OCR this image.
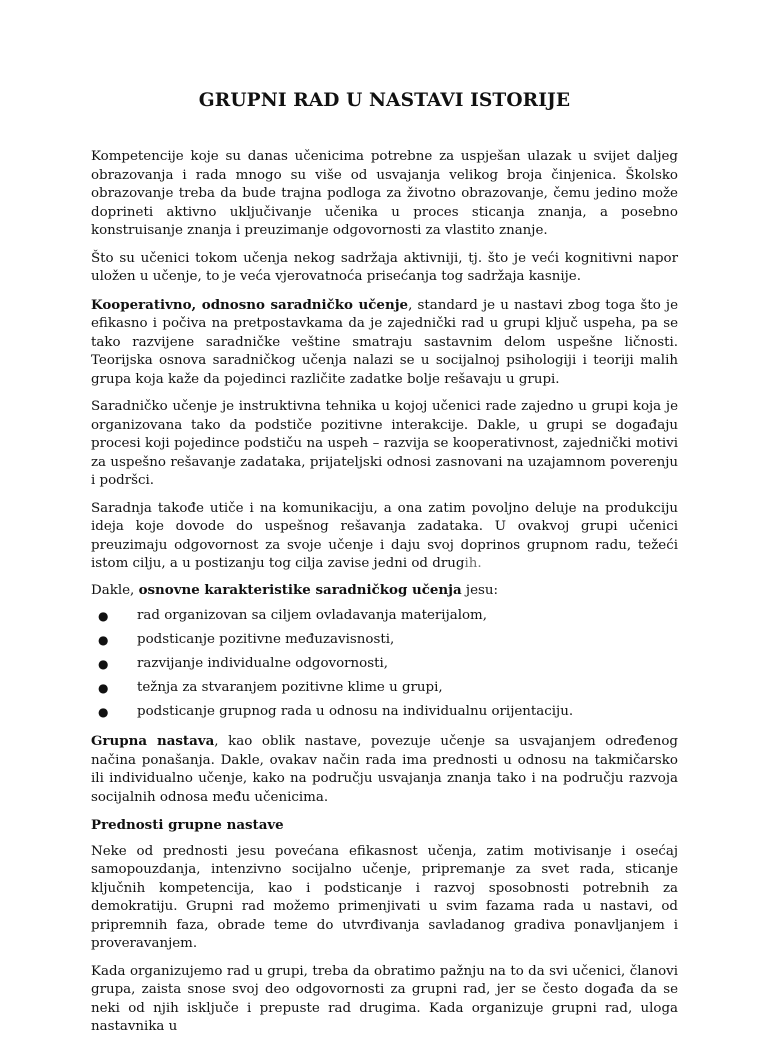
GRUPNI RAD U NASTAVI ISTORIJE

Kompetencije koje su danas učenicima potrebne za uspješan ulazak u svijet daljeg obrazovanja i rada mnogo su više od usvajanja velikog broja činjenica. Školsko obrazovanje treba da bude trajna podloga za životno obrazovanje, čemu jedino može doprineti aktivno uključivanje učenika u proces sticanja znanja, a posebno konstruisanje znanja i preuzimanje odgovornosti za vlastito znanje.

Što su učenici tokom učenja nekog sadržaja aktivniji, tj. što je veći kognitivni napor uložen u učenje, to je veća vjerovatnoća prisećanja tog sadržaja kasnije.

Kooperativno, odnosno saradničko učenje, standard je u nastavi zbog toga što je efikasno i počiva na pretpostavkama da je zajednički rad u grupi ključ uspeha, pa se tako razvijene saradničke veštine smatraju sastavnim delom uspešne ličnosti. Teorijska osnova saradničkog učenja nalazi se u socijalnoj psihologiji i teoriji malih grupa koja kaže da pojedinci različite zadatke bolje rešavaju u grupi.

Saradničko učenje je instruktivna tehnika u kojoj učenici rade zajedno u grupi koja je organizovana tako da podstiče pozitivne interakcije. Dakle, u grupi se događaju procesi koji pojedince podstiču na uspeh – razvija se kooperativnost, zajednički motivi za uspešno rešavanje zadataka, prijateljski odnosi zasnovani na uzajamnom poverenju i podršci.

Saradnja takođe utiče i na komunikaciju, a ona zatim povoljno deluje na produkciju ideja koje dovode do uspešnog rešavanja zadataka. U ovakvoj grupi učenici preuzimaju odgovornost za svoje učenje i daju svoj doprinos grupnom radu, težeći istom cilju, a u postizanju tog cilja zavise jedni od drugih.

Dakle, osnovne karakteristike saradničkog učenja jesu:

● rad organizovan sa ciljem ovladavanja materijalom,
● podsticanje pozitivne međuzavisnosti,
● razvijanje individualne odgovornosti,
● težnja za stvaranjem pozitivne klime u grupi,
● podsticanje grupnog rada u odnosu na individualnu orijentaciju.

Grupna nastava, kao oblik nastave, povezuje učenje sa usvajanjem određenog načina ponašanja. Dakle, ovakav način rada ima prednosti u odnosu na takmičarsko ili individualno učenje, kako na području usvajanja znanja tako i na području razvoja socijalnih odnosa među učenicima.

Prednosti grupne nastave

Neke od prednosti jesu povećana efikasnost učenja, zatim motivisanje i osećaj samopouzdanja, intenzivno socijalno učenje, pripremanje za svet rada, sticanje ključnih kompetencija, kao i podsticanje i razvoj sposobnosti potrebnih za demokratiju. Grupni rad možemo primenjivati u svim fazama rada u nastavi, od pripremnih faza, obrade teme do utvrđivanja savladanog gradiva ponavljanjem i proveravanjem.

Kada organizujemo rad u grupi, treba da obratimo pažnju na to da svi učenici, članovi grupa, zaista snose svoj deo odgovornosti za grupni rad, jer se često događa da se neki od njih isključe i prepuste rad drugima. Kada organizuje grupni rad, uloga nastavnika u
